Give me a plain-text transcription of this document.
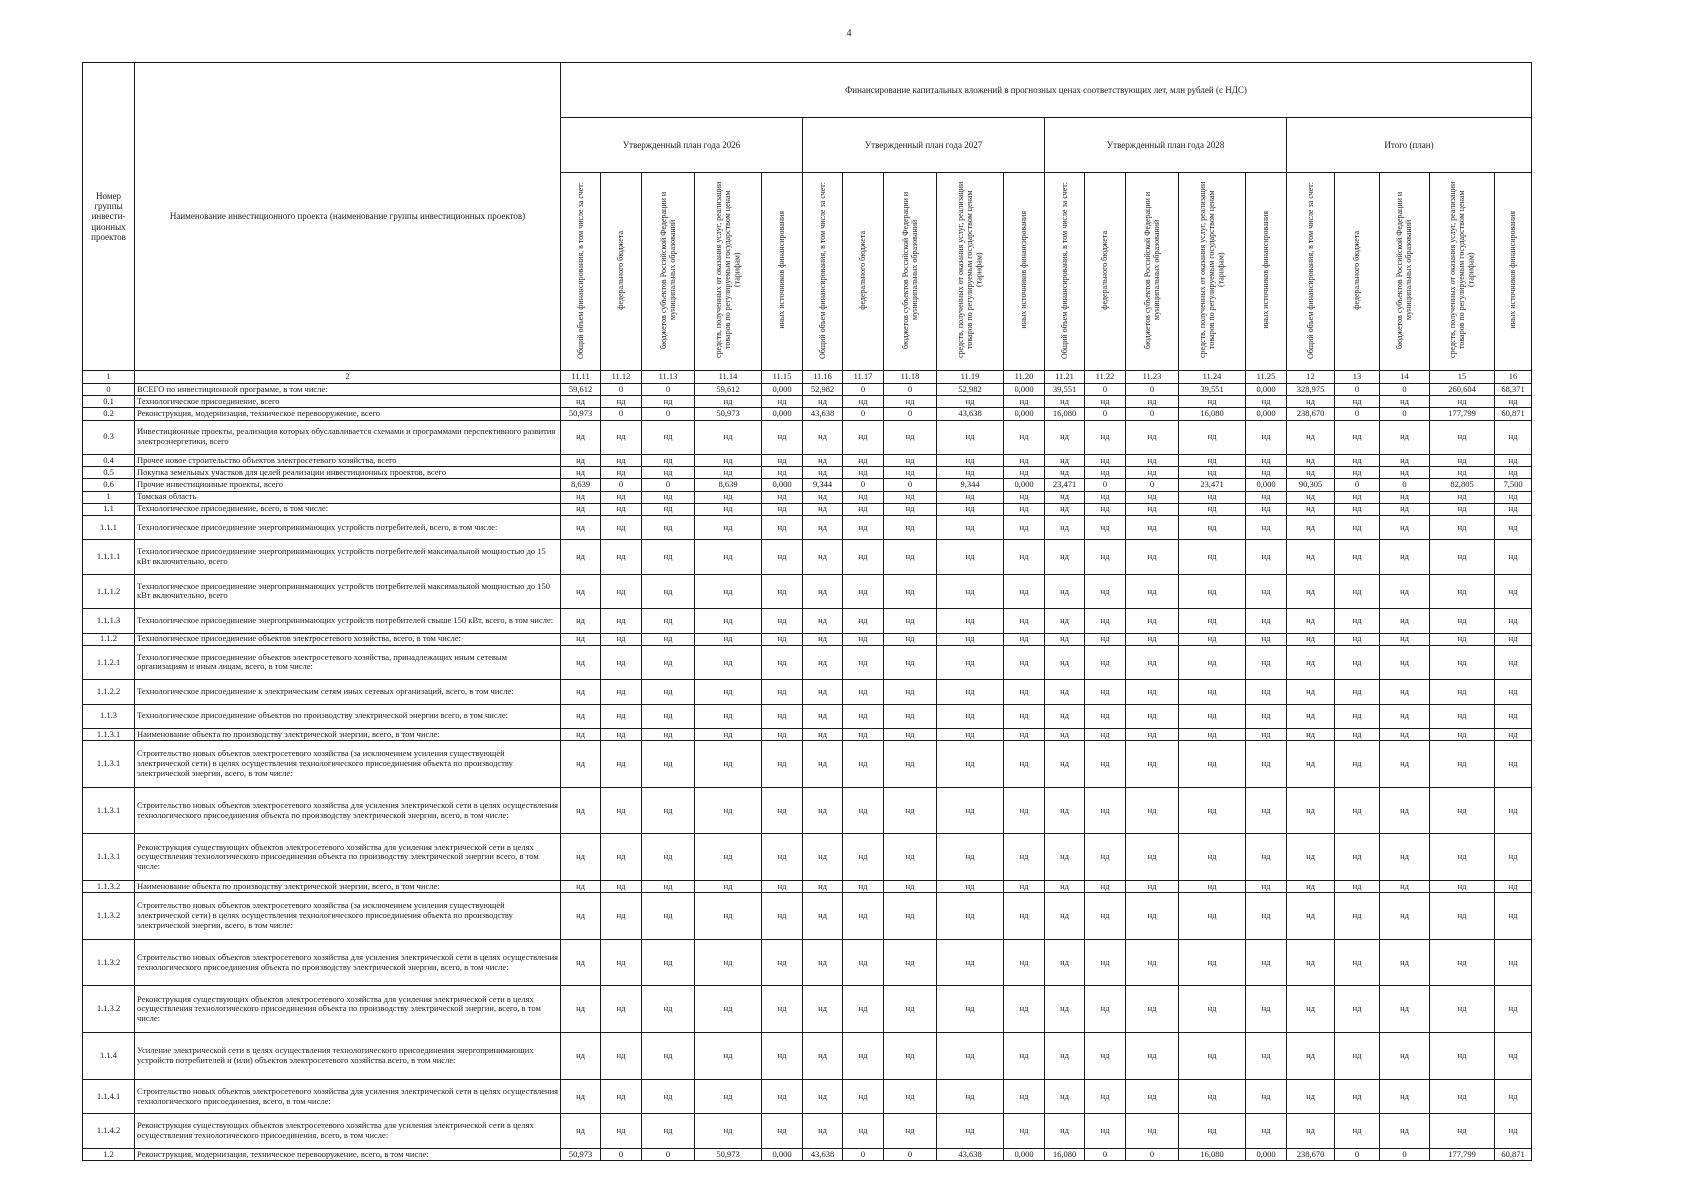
4
Номер группы инвести-ционных проектов	Наименование инвестиционного проекта (наименование группы инвестиционных проектов)	Финансирование капитальных вложений в прогнозных ценах соответствующих лет, млн рублей (с НДС)																			
		Утвержденный план года 2026					Утвержденный план года 2027					Утвержденный план года 2028					Итого (план)				
		Общий объем финансирования, в том числе за счет:	федерального бюджета	бюджетов субъектов Российской Федерации и муниципальных образований	средств, полученных от оказания услуг, реализации товаров по регулируемым государством ценам (тарифам)	иных источников финансирования	Общий объем финансирования, в том числе за счет:	федерального бюджета	бюджетов субъектов Российской Федерации и муниципальных образований	средств, полученных от оказания услуг, реализации товаров по регулируемым государством ценам (тарифам)	иных источников финансирования	Общий объем финансирования, в том числе за счет:	федерального бюджета	бюджетов субъектов Российской Федерации и муниципальных образований	средств, полученных от оказания услуг, реализации товаров по регулируемым государством ценам (тарифам)	иных источников финансирования	Общий объем финансирования, в том числе за счет:	федерального бюджета	бюджетов субъектов Российской Федерации и муниципальных образований	средств, полученных от оказания услуг, реализации товаров по регулируемым государством ценам (тарифам)	иных источников финансирования
1	2	11.11	11.12	11.13	11.14	11.15	11.16	11.17	11.18	11.19	11.20	11.21	11.22	11.23	11.24	11.25	12	13	14	15	16
0	ВСЕГО по инвестиционной программе, в том числе:	59,612	0	0	59,612	0,000	52,982	0	0	52,982	0,000	39,551	0	0	39,551	0,000	328,975	0	0	260,604	68,371
0.1	Технологическое присоединение, всего	нд	нд	нд	нд	нд	нд	нд	нд	нд	нд	нд	нд	нд	нд	нд	нд	нд	нд	нд	нд
0.2	Реконструкция, модернизация, техническое перевооружение, всего	50,973	0	0	50,973	0,000	43,638	0	0	43,638	0,000	16,080	0	0	16,080	0,000	238,670	0	0	177,799	60,871
0.3	Инвестиционные проекты, реализация которых обуславливается схемами и программами перспективного развития электроэнергетики, всего	нд	нд	нд	нд	нд	нд	нд	нд	нд	нд	нд	нд	нд	нд	нд	нд	нд	нд	нд	нд
0.4	Прочее новое строительство объектов электросетевого хозяйства, всего	нд	нд	нд	нд	нд	нд	нд	нд	нд	нд	нд	нд	нд	нд	нд	нд	нд	нд	нд	нд
0.5	Покупка земельных участков для целей реализации инвестиционных проектов, всего	нд	нд	нд	нд	нд	нд	нд	нд	нд	нд	нд	нд	нд	нд	нд	нд	нд	нд	нд	нд
0.6	Прочие инвестиционные проекты, всего	8,639	0	0	8,639	0,000	9,344	0	0	9,344	0,000	23,471	0	0	23,471	0,000	90,305	0	0	82,805	7,500
1	Томская область	нд	нд	нд	нд	нд	нд	нд	нд	нд	нд	нд	нд	нд	нд	нд	нд	нд	нд	нд	нд
1.1	Технологическое присоединение, всего, в том числе:	нд	нд	нд	нд	нд	нд	нд	нд	нд	нд	нд	нд	нд	нд	нд	нд	нд	нд	нд	нд
1.1.1	Технологическое присоединение энергопринимающих устройств потребителей, всего, в том числе:	нд	нд	нд	нд	нд	нд	нд	нд	нд	нд	нд	нд	нд	нд	нд	нд	нд	нд	нд	нд
1.1.1.1	Технологическое присоединение энергопринимающих устройств потребителей максимальной мощностью до 15 кВт включительно, всего	нд	нд	нд	нд	нд	нд	нд	нд	нд	нд	нд	нд	нд	нд	нд	нд	нд	нд	нд	нд
1.1.1.2	Технологическое присоединение энергопринимающих устройств потребителей максимальной мощностью до 150 кВт включительно, всего	нд	нд	нд	нд	нд	нд	нд	нд	нд	нд	нд	нд	нд	нд	нд	нд	нд	нд	нд	нд
1.1.1.3	Технологическое присоединение энергопринимающих устройств потребителей свыше 150 кВт, всего, в том числе:	нд	нд	нд	нд	нд	нд	нд	нд	нд	нд	нд	нд	нд	нд	нд	нд	нд	нд	нд	нд
1.1.2	Технологическое присоединение объектов электросетевого хозяйства, всего, в том числе:	нд	нд	нд	нд	нд	нд	нд	нд	нд	нд	нд	нд	нд	нд	нд	нд	нд	нд	нд	нд
1.1.2.1	Технологическое присоединение объектов электросетевого хозяйства, принадлежащих иным сетевым организациям и иным лицам, всего, в том числе:	нд	нд	нд	нд	нд	нд	нд	нд	нд	нд	нд	нд	нд	нд	нд	нд	нд	нд	нд	нд
1.1.2.2	Технологическое присоединение к электрическим сетям иных сетевых организаций, всего, в том числе:	нд	нд	нд	нд	нд	нд	нд	нд	нд	нд	нд	нд	нд	нд	нд	нд	нд	нд	нд	нд
1.1.3	Технологическое присоединение объектов по производству электрической энергии всего, в том числе:	нд	нд	нд	нд	нд	нд	нд	нд	нд	нд	нд	нд	нд	нд	нд	нд	нд	нд	нд	нд
1.1.3.1	Наименование объекта по производству электрической энергии, всего, в том числе:	нд	нд	нд	нд	нд	нд	нд	нд	нд	нд	нд	нд	нд	нд	нд	нд	нд	нд	нд	нд
1.1.3.1	Строительство новых объектов электросетевого хозяйства (за исключением усиления существующей электрической сети) в целях осуществления технологического присоединения объекта по производству электрической энергии, всего, в том числе:	нд	нд	нд	нд	нд	нд	нд	нд	нд	нд	нд	нд	нд	нд	нд	нд	нд	нд	нд	нд
1.1.3.1	Строительство новых объектов электросетевого хозяйства для усиления электрической сети в целях осуществления технологического присоединения объекта по производству электрической энергии, всего, в том числе:	нд	нд	нд	нд	нд	нд	нд	нд	нд	нд	нд	нд	нд	нд	нд	нд	нд	нд	нд	нд
1.1.3.1	Реконструкция существующих объектов электросетевого хозяйства для усиления электрической сети в целях осуществления технологического присоединения объекта по производству электрической энергии всего, в том числе:	нд	нд	нд	нд	нд	нд	нд	нд	нд	нд	нд	нд	нд	нд	нд	нд	нд	нд	нд	нд
1.1.3.2	Наименование объекта по производству электрической энергии, всего, в том числе:	нд	нд	нд	нд	нд	нд	нд	нд	нд	нд	нд	нд	нд	нд	нд	нд	нд	нд	нд	нд
1.1.3.2	Строительство новых объектов электросетевого хозяйства (за исключением усиления существующей электрической сети) в целях осуществления технологического присоединения объекта по производству электрической энергии, всего, в том числе:	нд	нд	нд	нд	нд	нд	нд	нд	нд	нд	нд	нд	нд	нд	нд	нд	нд	нд	нд	нд
1.1.3.2	Строительство новых объектов электросетевого хозяйства для усиления электрической сети в целях осуществления технологического присоединения объекта по производству электрической энергии, всего, в том числе:	нд	нд	нд	нд	нд	нд	нд	нд	нд	нд	нд	нд	нд	нд	нд	нд	нд	нд	нд	нд
1.1.3.2	Реконструкция существующих объектов электросетевого хозяйства для усиления электрической сети в целях осуществления технологического присоединения объекта по производству электрической энергии, всего, в том числе:	нд	нд	нд	нд	нд	нд	нд	нд	нд	нд	нд	нд	нд	нд	нд	нд	нд	нд	нд	нд
1.1.4	Усиление электрической сети в целях осуществления технологического присоединения энергопринимающих устройств потребителей и (или) объектов электросетевого хозяйства всего, в том числе:	нд	нд	нд	нд	нд	нд	нд	нд	нд	нд	нд	нд	нд	нд	нд	нд	нд	нд	нд	нд
1.1.4.1	Строительство новых объектов электросетевого хозяйства для усиления электрической сети в целях осуществления технологического присоединения, всего, в том числе:	нд	нд	нд	нд	нд	нд	нд	нд	нд	нд	нд	нд	нд	нд	нд	нд	нд	нд	нд	нд
1.1.4.2	Реконструкция существующих объектов электросетевого хозяйства для усиления электрической сети в целях осуществления технологического присоединения, всего, в том числе:	нд	нд	нд	нд	нд	нд	нд	нд	нд	нд	нд	нд	нд	нд	нд	нд	нд	нд	нд	нд
1.2	Реконструкция, модернизация, техническое перевооружение, всего, в том числе:	50,973	0	0	50,973	0,000	43,638	0	0	43,638	0,000	16,080	0	0	16,080	0,000	238,670	0	0	177,799	60,871
